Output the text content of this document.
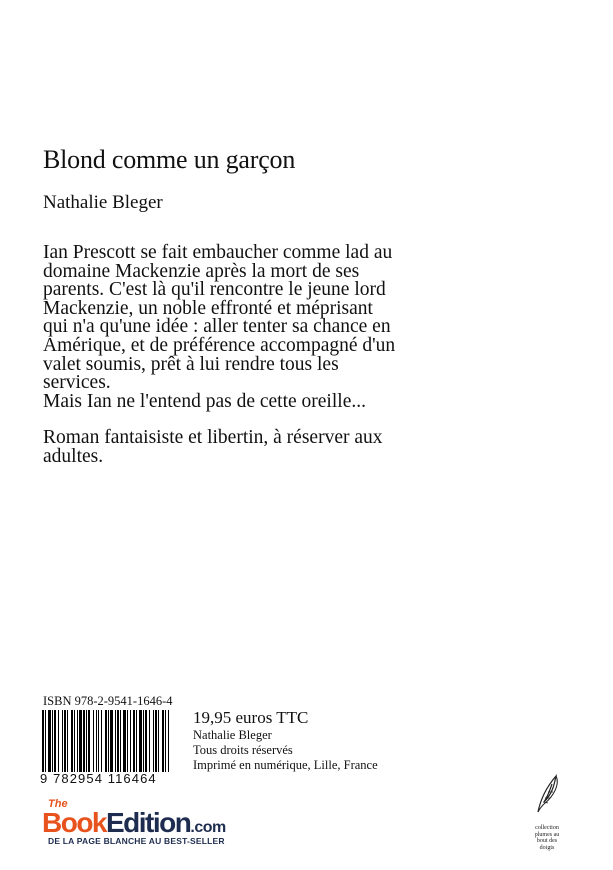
Blond comme un garçon
Nathalie Bleger

Ian Prescott se fait embaucher comme lad au

domaine Mackenzie après la mort de ses

parents. C'est là qu'il rencontre le jeune lord

Mackenzie, un noble effronté et méprisant

qui n'a qu'une idée : aller tenter sa chance en

Amérique, et de préférence accompagné d'un

valet soumis, prêt à lui rendre tous les

services.

Mais Ian ne l'entend pas de cette oreille...

Roman fantaisiste et libertin, à réserver aux

adultes.

ISBN 978-2-9541-1646-4
9 782954 116464
19,95 euros TTC
Nathalie Bleger
Tous droits réservés
Imprimé en numérique, Lille, France
The
BookEdition.com
DE LA PAGE BLANCHE AU BEST-SELLER
collection
plumes au
bout des
doigts
